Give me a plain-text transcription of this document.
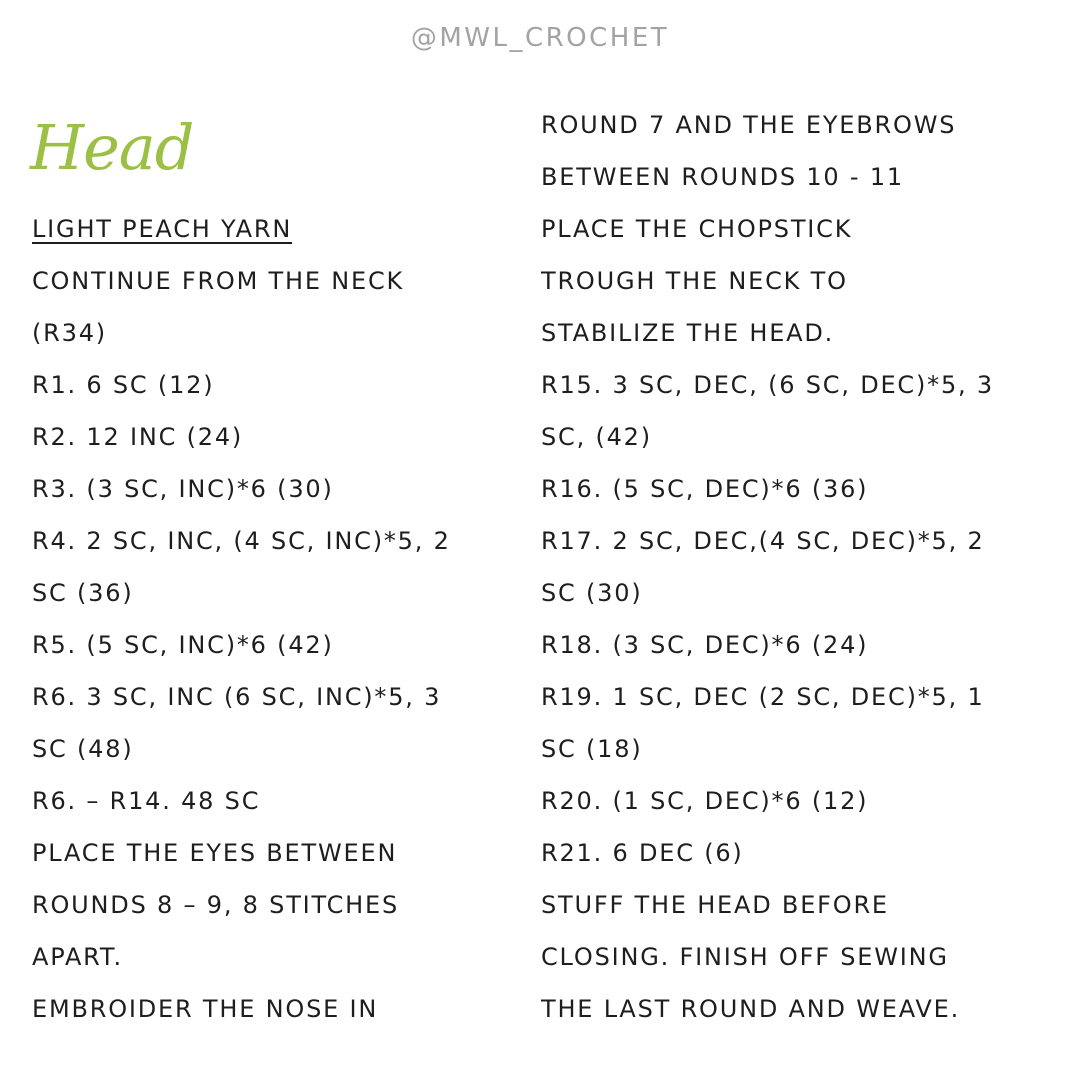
@MWL_CROCHET
Head
LIGHT PEACH YARN
CONTINUE FROM THE NECK
(R34)
R1. 6 SC (12)
R2. 12 INC (24)
R3. (3 SC, INC)*6 (30)
R4. 2 SC, INC, (4 SC, INC)*5, 2
SC (36)
R5. (5 SC, INC)*6 (42)
R6. 3 SC, INC (6 SC, INC)*5, 3
SC (48)
R6. – R14. 48 SC
PLACE THE EYES BETWEEN
ROUNDS 8 – 9, 8 STITCHES
APART.
EMBROIDER THE NOSE IN
ROUND 7 AND THE EYEBROWS
BETWEEN ROUNDS 10 - 11
PLACE THE CHOPSTICK
TROUGH THE NECK TO
STABILIZE THE HEAD.
R15. 3 SC, DEC, (6 SC, DEC)*5, 3
SC, (42)
R16. (5 SC, DEC)*6 (36)
R17. 2 SC, DEC,(4 SC, DEC)*5, 2
SC (30)
R18. (3 SC, DEC)*6 (24)
R19. 1 SC, DEC (2 SC, DEC)*5, 1
SC (18)
R20. (1 SC, DEC)*6 (12)
R21. 6 DEC (6)
STUFF THE HEAD BEFORE
CLOSING. FINISH OFF SEWING
THE LAST ROUND AND WEAVE.
